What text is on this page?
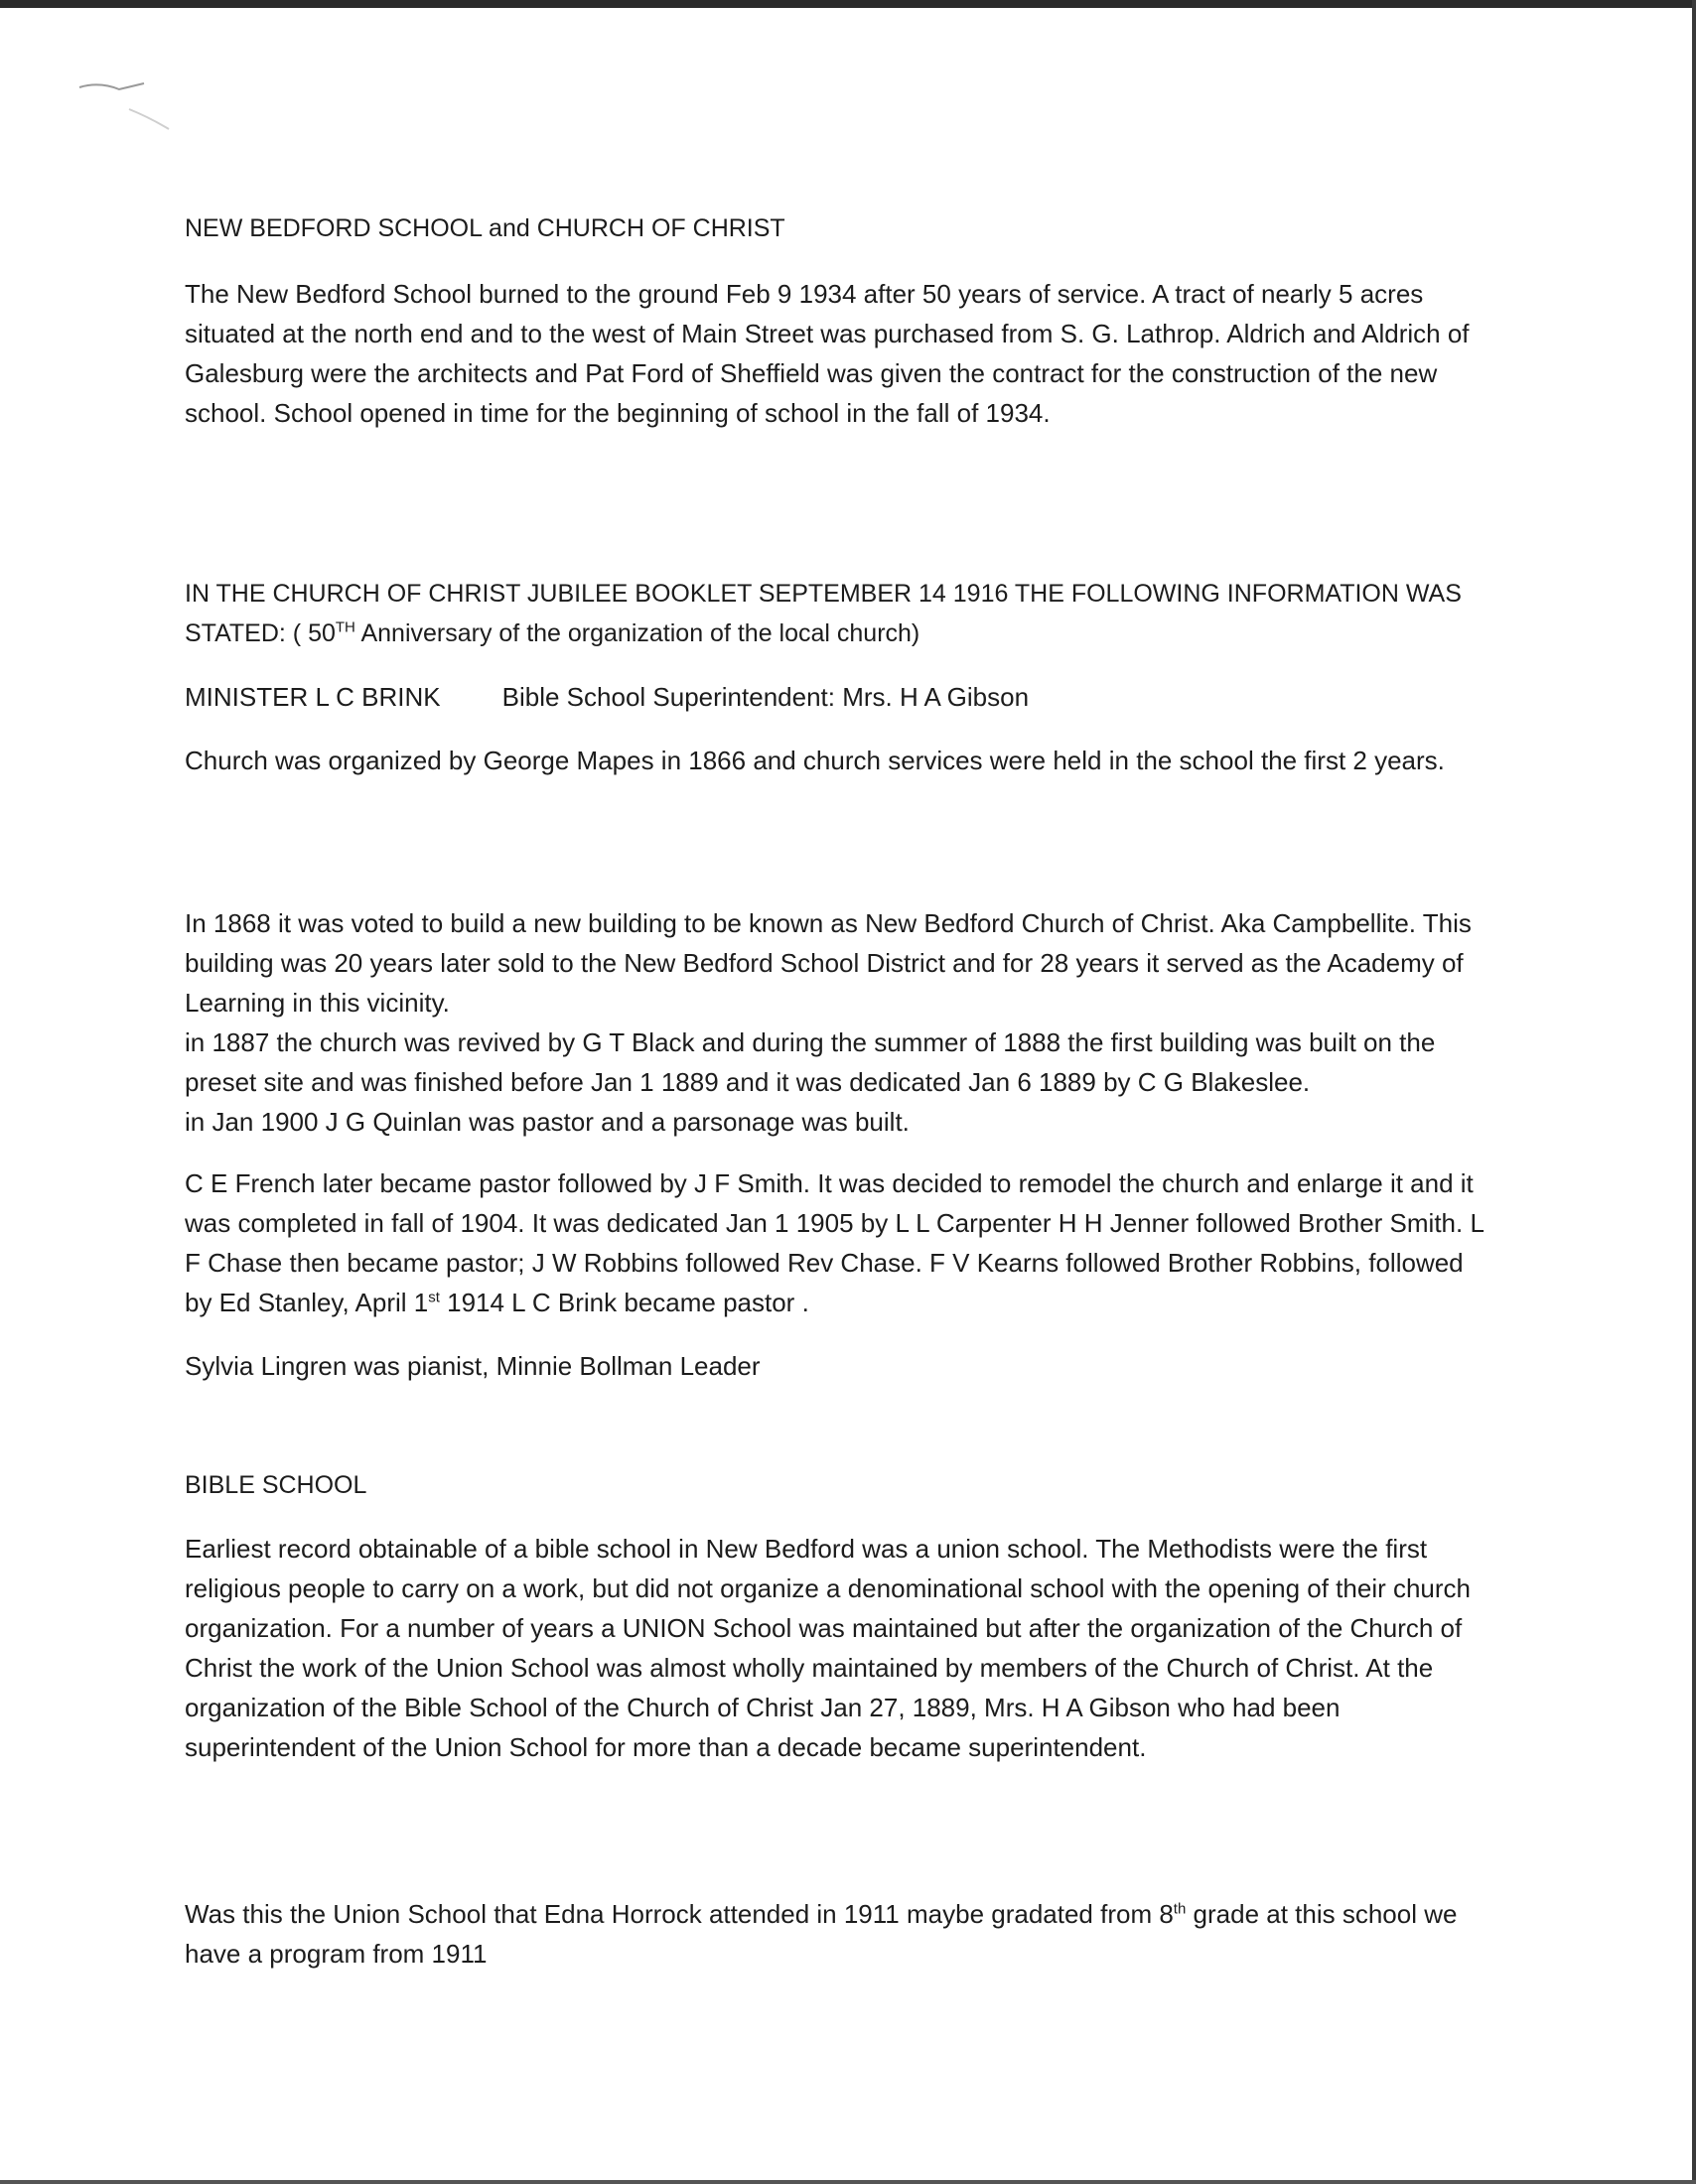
NEW BEDFORD SCHOOL and CHURCH OF CHRIST
The New Bedford School burned to the ground Feb 9 1934 after 50 years of service. A tract of nearly 5 acres situated at the north end and to the west of Main Street was purchased from S. G. Lathrop. Aldrich and Aldrich of Galesburg were the architects and Pat Ford of Sheffield was given the contract for the construction of the new school. School opened in time for the beginning of school in the fall of 1934.
IN THE CHURCH OF CHRIST JUBILEE BOOKLET SEPTEMBER 14 1916 THE FOLLOWING INFORMATION WAS STATED: ( 50TH Anniversary of the organization of the local church)
MINISTER L C BRINK Bible School Superintendent: Mrs. H A Gibson
Church was organized by George Mapes in 1866 and church services were held in the school the first 2 years.
In 1868 it was voted to build a new building to be known as New Bedford Church of Christ. Aka Campbellite. This building was 20 years later sold to the New Bedford School District and for 28 years it served as the Academy of Learning in this vicinity.
in 1887 the church was revived by G T Black and during the summer of 1888 the first building was built on the preset site and was finished before Jan 1 1889 and it was dedicated Jan 6 1889 by C G Blakeslee.
in Jan 1900 J G Quinlan was pastor and a parsonage was built.
C E French later became pastor followed by J F Smith. It was decided to remodel the church and enlarge it and it was completed in fall of 1904. It was dedicated Jan 1 1905 by L L Carpenter H H Jenner followed Brother Smith. L F Chase then became pastor; J W Robbins followed Rev Chase. F V Kearns followed Brother Robbins, followed by Ed Stanley, April 1st 1914 L C Brink became pastor .
Sylvia Lingren was pianist, Minnie Bollman Leader
BIBLE SCHOOL
Earliest record obtainable of a bible school in New Bedford was a union school. The Methodists were the first religious people to carry on a work, but did not organize a denominational school with the opening of their church organization. For a number of years a UNION School was maintained but after the organization of the Church of Christ the work of the Union School was almost wholly maintained by members of the Church of Christ. At the organization of the Bible School of the Church of Christ Jan 27, 1889, Mrs. H A Gibson who had been superintendent of the Union School for more than a decade became superintendent.
Was this the Union School that Edna Horrock attended in 1911 maybe gradated from 8th grade at this school we have a program from 1911
